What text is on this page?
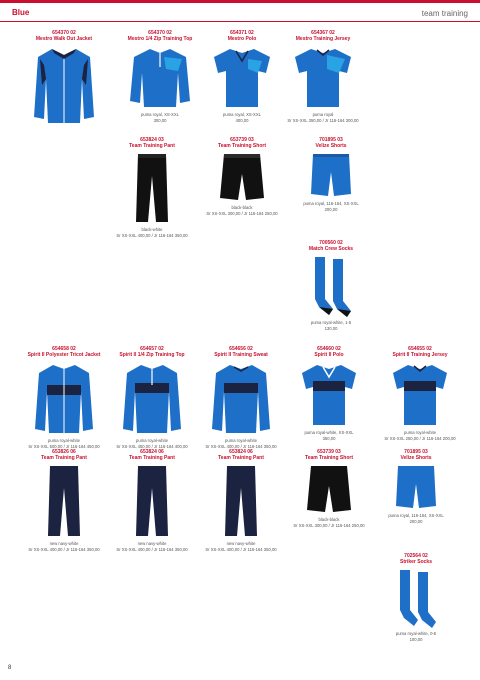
Blue	team training
654370 02
Mestro Walk Out Jacket
654370 02
Mestro 1/4 Zip Training Top
puma royal, XS-XXL
300,00
654371 02
Mestro Polo
puma royal, XS-XXL
400,00
654367 02
Mestro Training Jersey
puma royal
Sr XS-XXL 350,00 / Jr 116-164 300,00
653824 03
Team Training Pant
black-white
Sr XS-XXL 400,00 / Jr 116-164 350,00
653739 03
Team Training Short
black-black
Sr XS-XXL 300,00 / Jr 116-164 250,00
701895 03
Velize Shorts
puma royal, 116-164, XS-XXL
200,00
700560 02
Match Crew Socks
puma royal-white, 1-5
130,00
654658 02
Spirit II Polyester Tricot Jacket
puma royal-white
Sr XS-XXL 500,00 / Jr 116-164 450,00
654657 02
Spirit II 1/4 Zip Training Top
puma royal-white
Sr XS-XXL 450,00 / Jr 116-164 400,00
654656 02
Spirit II Training Sweat
puma royal-white
Sr XS-XXL 400,00 / Jr 116-164 350,00
654660 02
Spirit II Polo
puma royal-white, XS-XXL
350,00
654655 02
Spirit II Training Jersey
puma royal-white
Sr XS-XXL 250,00 / Jr 116-164 200,00
653826 06
Team Training Pant
new navy-white
Sr XS-XXL 400,00 / Jr 116-164 350,00
653824 06
Team Training Pant
new navy-white
Sr XS-XXL 400,00 / Jr 116-164 350,00
653824 06
Team Training Pant
new navy-white
Sr XS-XXL 400,00 / Jr 116-164 350,00
653739 03
Team Training Short
black-black
Sr XS-XXL 300,00 / Jr 116-164 250,00
701895 03
Velize Shorts
puma royal, 116-164, XS-XXL
200,00
702564 02
Striker Socks
puma royal-white, 0-5
100,00
8
